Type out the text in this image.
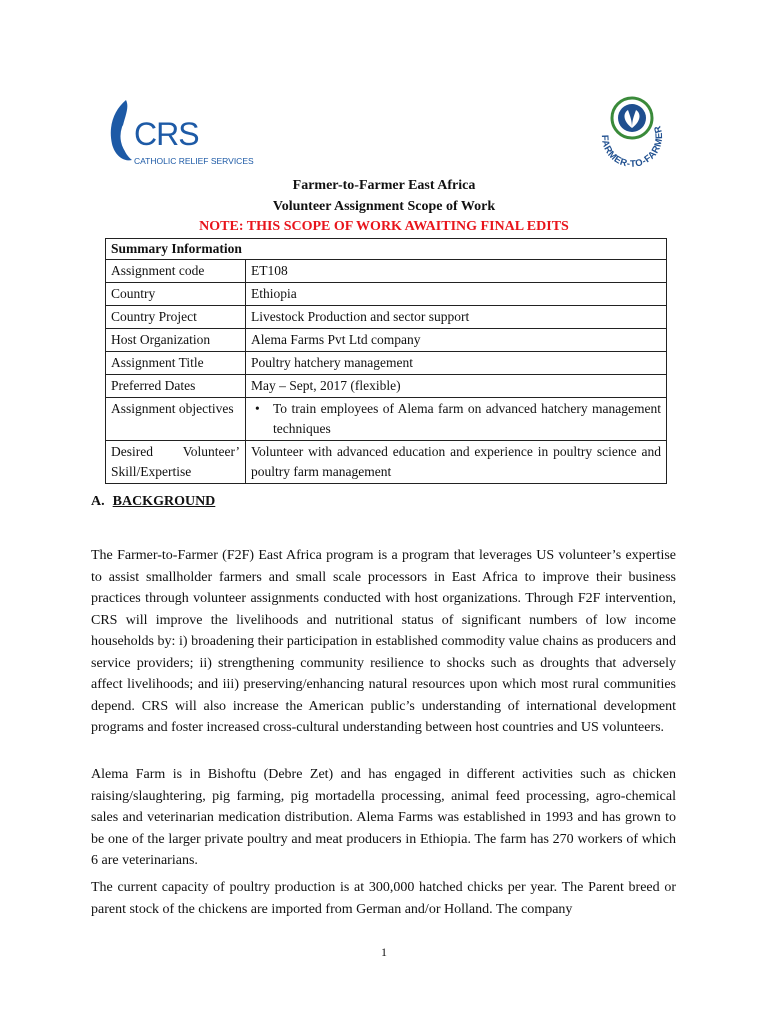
CRS
CATHOLIC RELIEF SERVICES
FARMER-TO-FARMER
Farmer-to-Farmer East Africa
Volunteer Assignment Scope of Work
NOTE: THIS SCOPE OF WORK AWAITING FINAL EDITS
Summary Information	
Assignment code	ET108
Country	Ethiopia
Country Project	Livestock Production and sector support
Host Organization	Alema Farms Pvt Ltd company
Assignment Title	Poultry hatchery management
Preferred Dates	May – Sept, 2017 (flexible)
Assignment objectives	• To train employees of Alema farm on advanced hatchery management techniques

Desired Volunteer’ Skill/Expertise	Volunteer with advanced education and experience in poultry science and poultry farm management
A. BACKGROUND
The Farmer-to-Farmer (F2F) East Africa program is a program that leverages US volunteer’s expertise to assist smallholder farmers and small scale processors in East Africa to improve their business practices through volunteer assignments conducted with host organizations. Through F2F intervention, CRS will improve the livelihoods and nutritional status of significant numbers of low income households by: i) broadening their participation in established commodity value chains as producers and service providers; ii) strengthening community resilience to shocks such as droughts that adversely affect livelihoods; and iii) preserving/enhancing natural resources upon which most rural communities depend. CRS will also increase the American public’s understanding of international development programs and foster increased cross-cultural understanding between host countries and US volunteers.
Alema Farm is in Bishoftu (Debre Zet) and has engaged in different activities such as chicken raising/slaughtering, pig farming, pig mortadella processing, animal feed processing, agro-chemical sales and veterinarian medication distribution. Alema Farms was established in 1993 and has grown to be one of the larger private poultry and meat producers in Ethiopia. The farm has 270 workers of which 6 are veterinarians.
The current capacity of poultry production is at 300,000 hatched chicks per year. The Parent breed or parent stock of the chickens are imported from German and/or Holland. The company
1
